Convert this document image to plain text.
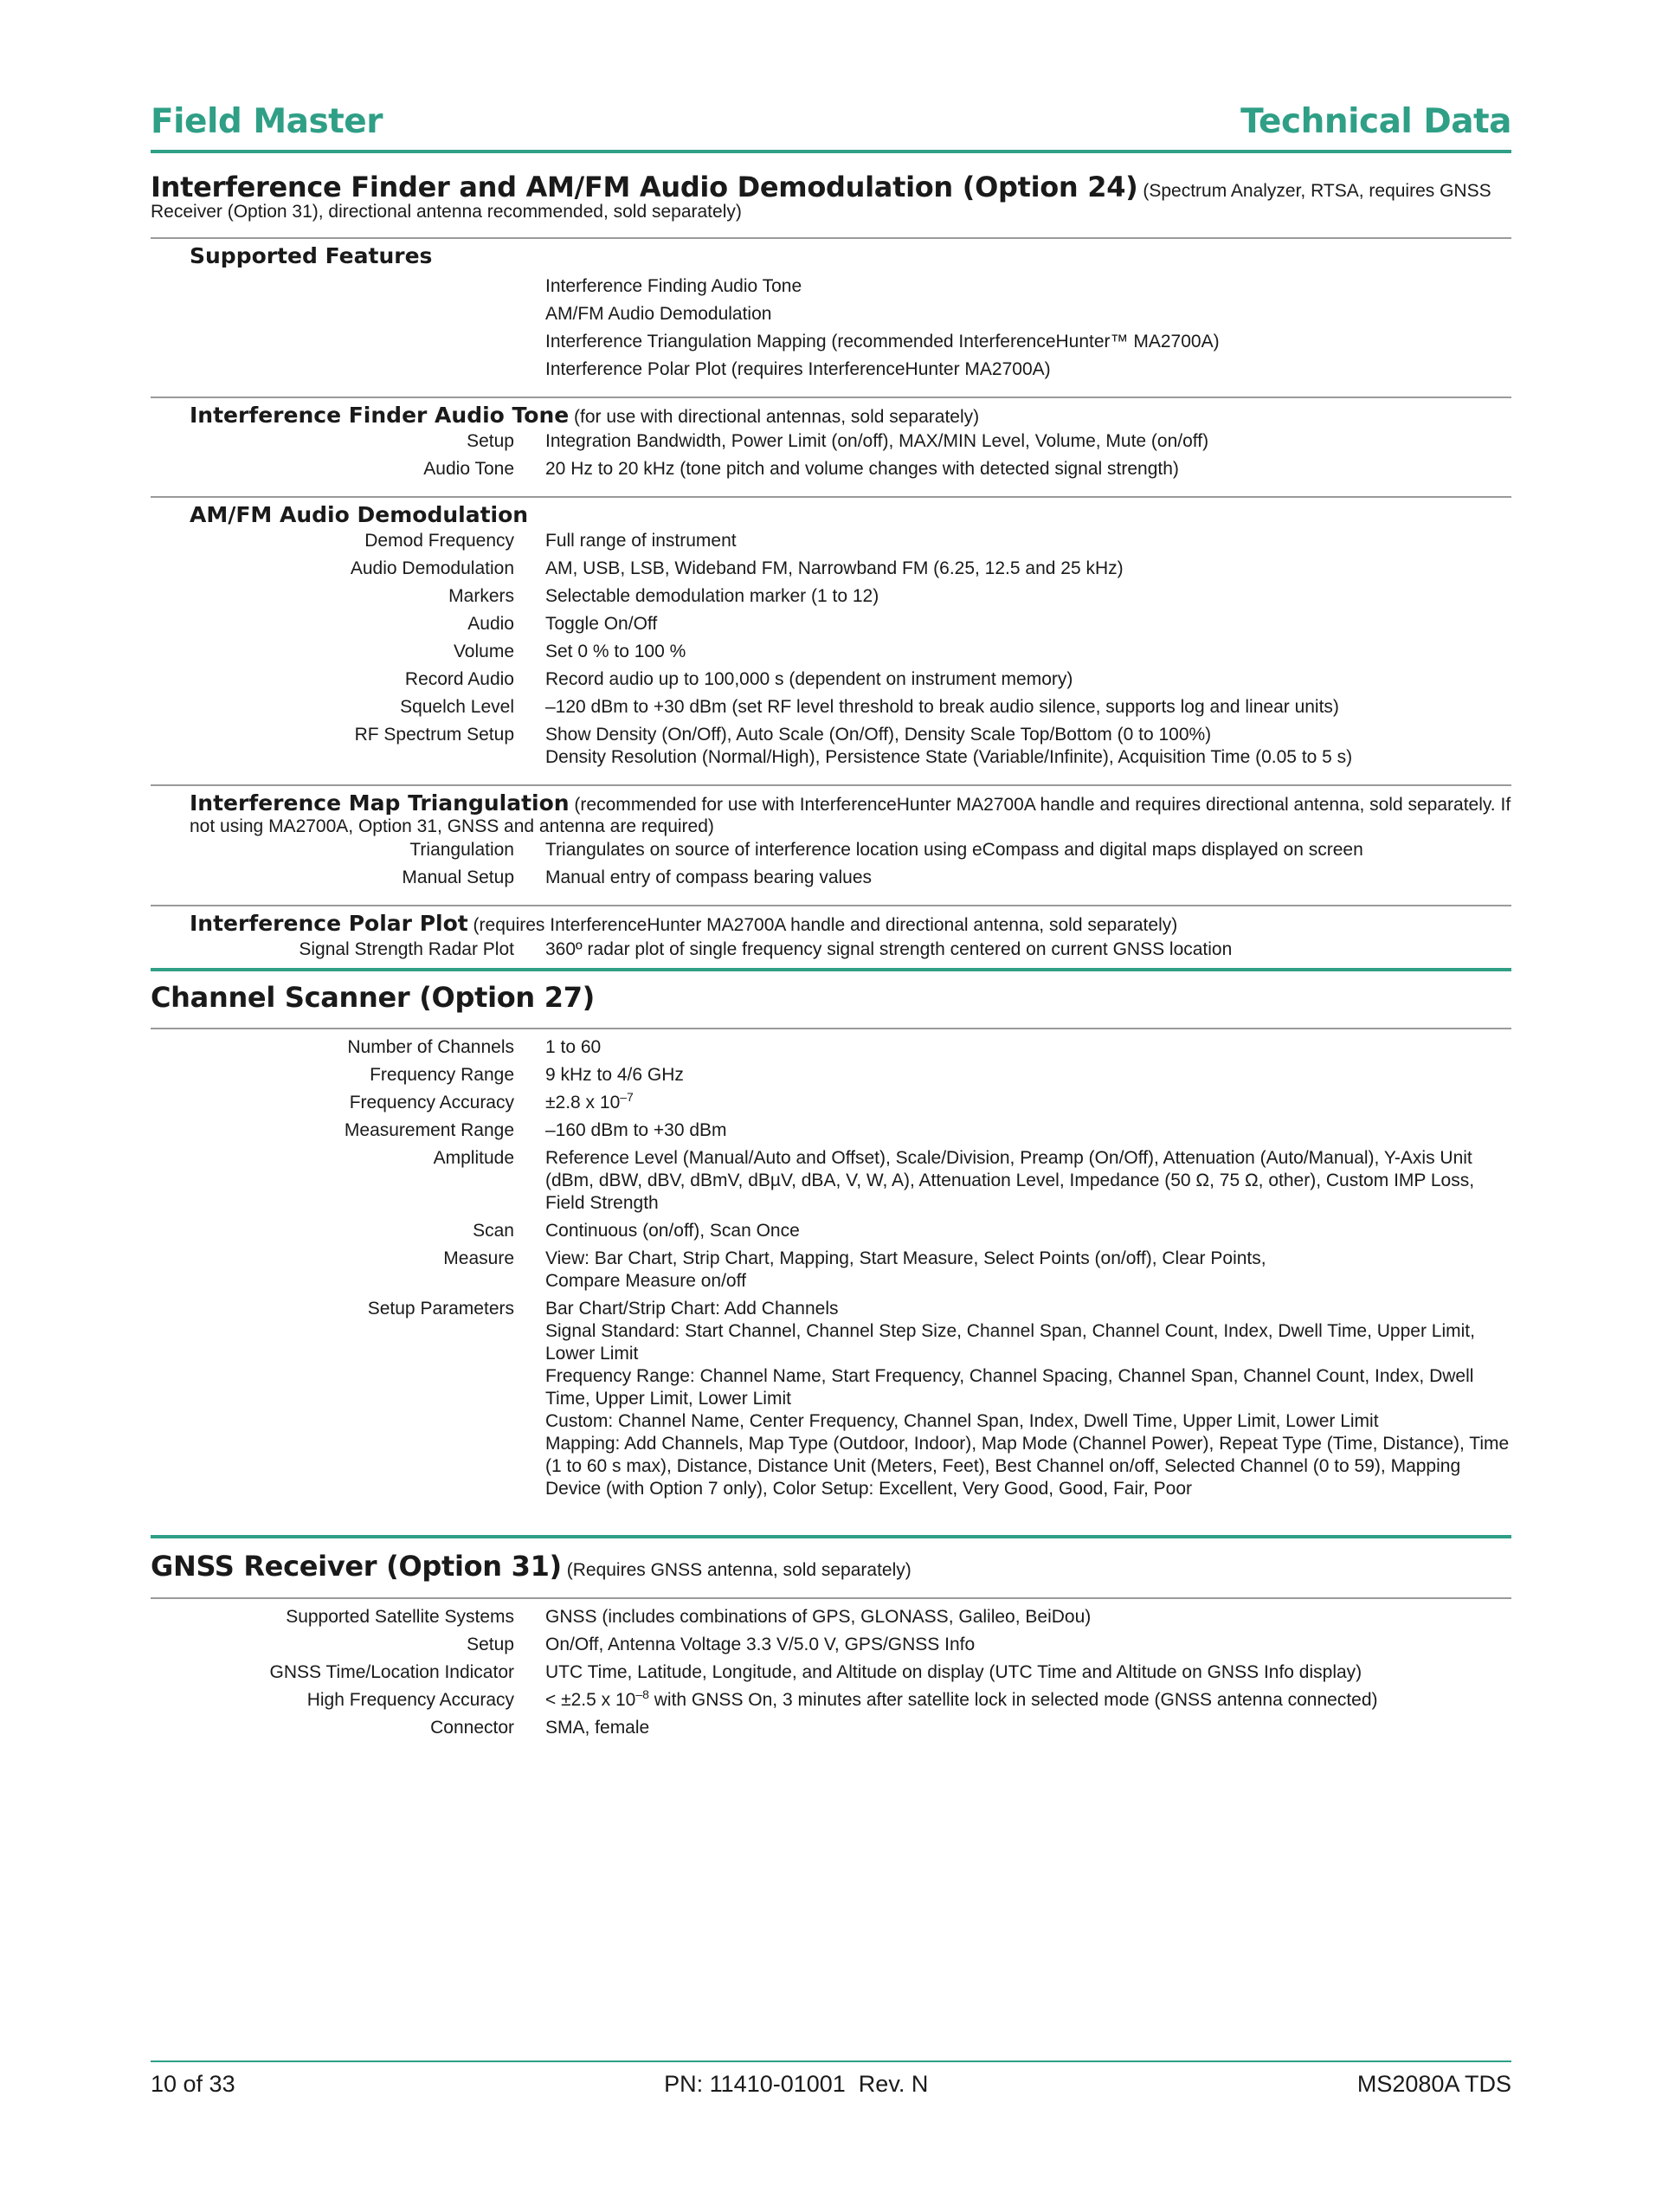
Field Master	Technical Data
Interference Finder and AM/FM Audio Demodulation (Option 24) (Spectrum Analyzer, RTSA, requires GNSS Receiver (Option 31), directional antenna recommended, sold separately)
Supported Features
Interference Finding Audio Tone
AM/FM Audio Demodulation
Interference Triangulation Mapping (recommended InterferenceHunter™ MA2700A)
Interference Polar Plot (requires InterferenceHunter MA2700A)
Interference Finder Audio Tone (for use with directional antennas, sold separately)
Setup	Integration Bandwidth, Power Limit (on/off), MAX/MIN Level, Volume, Mute (on/off)
Audio Tone	20 Hz to 20 kHz (tone pitch and volume changes with detected signal strength)
AM/FM Audio Demodulation
Demod Frequency	Full range of instrument
Audio Demodulation	AM, USB, LSB, Wideband FM, Narrowband FM (6.25, 12.5 and 25 kHz)
Markers	Selectable demodulation marker (1 to 12)
Audio	Toggle On/Off
Volume	Set 0 % to 100 %
Record Audio	Record audio up to 100,000 s (dependent on instrument memory)
Squelch Level	–120 dBm to +30 dBm (set RF level threshold to break audio silence, supports log and linear units)
RF Spectrum Setup	Show Density (On/Off), Auto Scale (On/Off), Density Scale Top/Bottom (0 to 100%)
Density Resolution (Normal/High), Persistence State (Variable/Infinite), Acquisition Time (0.05 to 5 s)
Interference Map Triangulation (recommended for use with InterferenceHunter MA2700A handle and requires directional antenna, sold separately. If not using MA2700A, Option 31, GNSS and antenna are required)
Triangulation	Triangulates on source of interference location using eCompass and digital maps displayed on screen
Manual Setup	Manual entry of compass bearing values
Interference Polar Plot (requires InterferenceHunter MA2700A handle and directional antenna, sold separately)
Signal Strength Radar Plot	360º radar plot of single frequency signal strength centered on current GNSS location
Channel Scanner (Option 27)
Number of Channels	1 to 60
Frequency Range	9 kHz to 4/6 GHz
Frequency Accuracy	±2.8 x $10^{-7}$
Measurement Range	–160 dBm to +30 dBm
Amplitude	Reference Level (Manual/Auto and Offset), Scale/Division, Preamp (On/Off), Attenuation (Auto/Manual), Y-Axis Unit (dBm, dBW, dBV, dBmV, dBµV, dBA, V, W, A), Attenuation Level, Impedance (50 Ω, 75 Ω, other), Custom IMP Loss, Field Strength
Scan	Continuous (on/off), Scan Once
Measure	View: Bar Chart, Strip Chart, Mapping, Start Measure, Select Points (on/off), Clear Points,
Compare Measure on/off
Setup Parameters	Bar Chart/Strip Chart: Add Channels
Signal Standard: Start Channel, Channel Step Size, Channel Span, Channel Count, Index, Dwell Time, Upper Limit, Lower Limit
Frequency Range: Channel Name, Start Frequency, Channel Spacing, Channel Span, Channel Count, Index, Dwell Time, Upper Limit, Lower Limit
Custom: Channel Name, Center Frequency, Channel Span, Index, Dwell Time, Upper Limit, Lower Limit
Mapping: Add Channels, Map Type (Outdoor, Indoor), Map Mode (Channel Power), Repeat Type (Time, Distance), Time (1 to 60 s max), Distance, Distance Unit (Meters, Feet), Best Channel on/off, Selected Channel (0 to 59), Mapping Device (with Option 7 only), Color Setup: Excellent, Very Good, Good, Fair, Poor
GNSS Receiver (Option 31) (Requires GNSS antenna, sold separately)
Supported Satellite Systems	GNSS (includes combinations of GPS, GLONASS, Galileo, BeiDou)
Setup	On/Off, Antenna Voltage 3.3 V/5.0 V, GPS/GNSS Info
GNSS Time/Location Indicator	UTC Time, Latitude, Longitude, and Altitude on display (UTC Time and Altitude on GNSS Info display)
High Frequency Accuracy	< ±2.5 x $10^{-8}$ with GNSS On, 3 minutes after satellite lock in selected mode (GNSS antenna connected)
Connector	SMA, female
10 of 33	PN: 11410-01001  Rev. N	MS2080A TDS
